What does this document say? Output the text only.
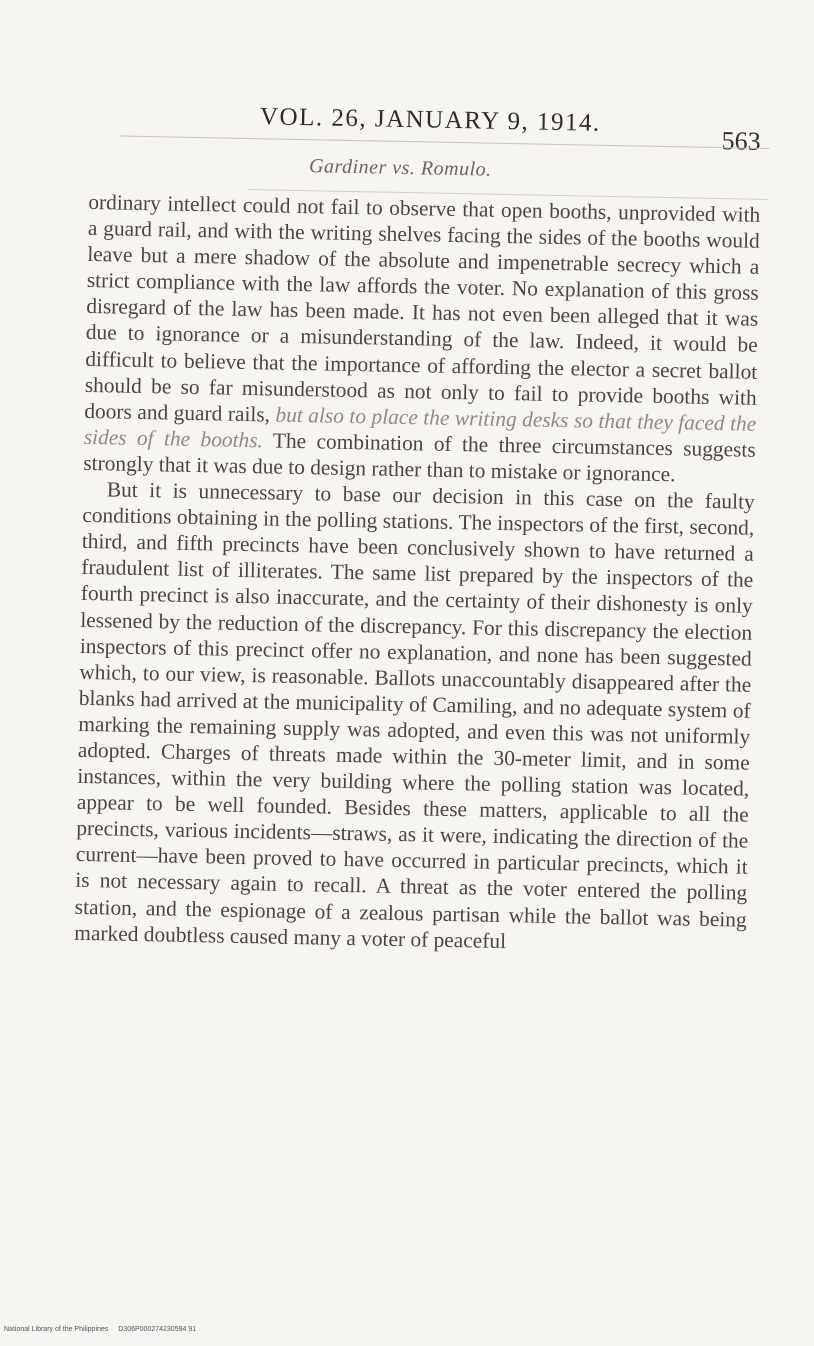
VOL. 26, JANUARY 9, 1914.
563
Gardiner vs. Romulo.

ordinary intellect could not fail to observe that open booths, unprovided with a guard rail, and with the writing shelves facing the sides of the booths would leave but a mere shadow of the absolute and impenetrable secrecy which a strict compliance with the law affords the voter. No explanation of this gross disregard of the law has been made. It has not even been alleged that it was due to ignorance or a misunderstanding of the law. Indeed, it would be difficult to believe that the importance of affording the elector a secret ballot should be so far misunderstood as not only to fail to provide booths with doors and guard rails, but also to place the writing desks so that they faced the sides of the booths. The combination of the three circumstances suggests strongly that it was due to design rather than to mistake or ignorance.

But it is unnecessary to base our decision in this case on the faulty conditions obtaining in the polling stations. The inspectors of the first, second, third, and fifth precincts have been conclusively shown to have returned a fraudulent list of illiterates. The same list prepared by the inspectors of the fourth precinct is also inaccurate, and the certainty of their dishonesty is only lessened by the reduction of the discrepancy. For this discrepancy the election inspectors of this precinct offer no explanation, and none has been suggested which, to our view, is reasonable. Ballots unaccountably disappeared after the blanks had arrived at the municipality of Camiling, and no adequate system of marking the remaining supply was adopted, and even this was not uniformly adopted. Charges of threats made within the 30-meter limit, and in some instances, within the very building where the polling station was located, appear to be well founded. Besides these matters, applicable to all the precincts, various incidents—straws, as it were, indicating the direction of the current—have been proved to have occurred in particular precincts, which it is not necessary again to recall. A threat as the voter entered the polling station, and the espionage of a zealous partisan while the ballot was being marked doubtless caused many a voter of peaceful

National Library of the Philippines D306P000274230594 91
